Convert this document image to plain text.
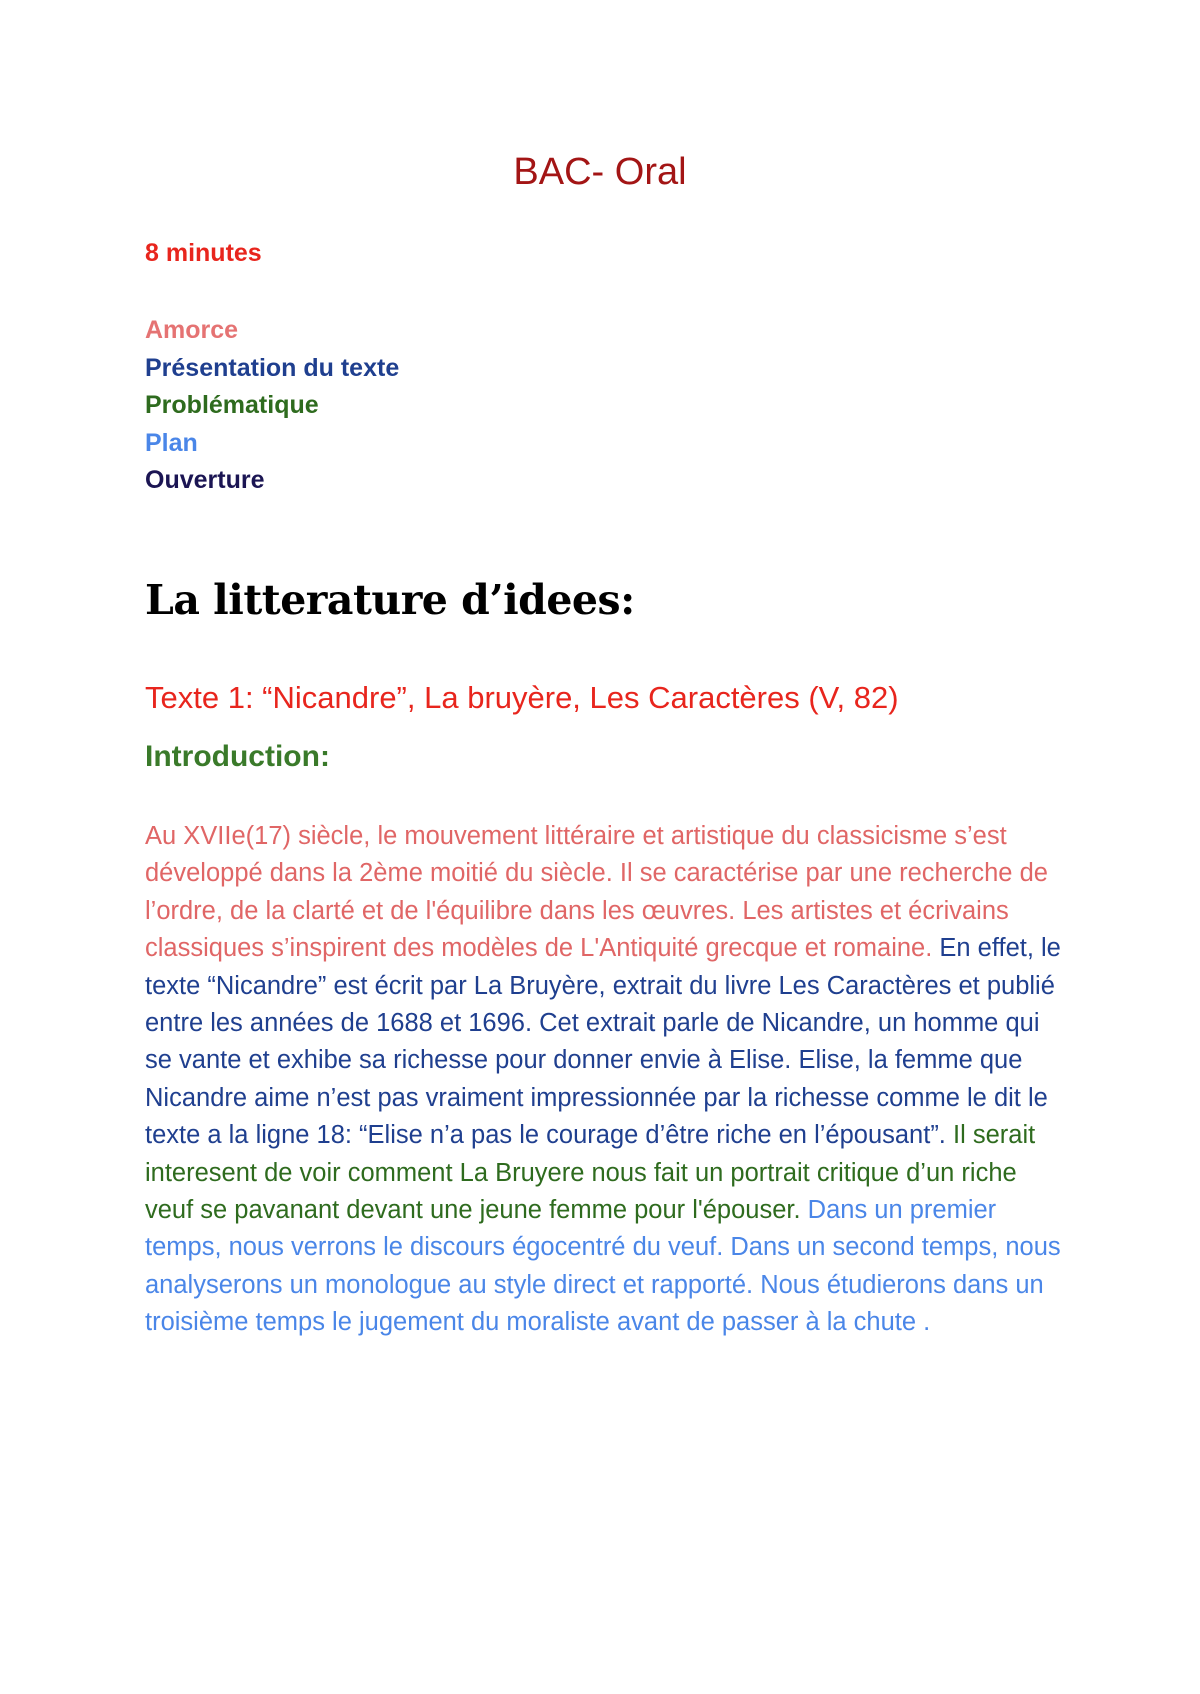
BAC- Oral
8 minutes
Amorce
Présentation du texte
Problématique
Plan
Ouverture
La litterature d’idees:
Texte 1: “Nicandre”, La bruyère, Les Caractères (V, 82)
Introduction:
Au XVIIe(17) siècle, le mouvement littéraire et artistique du classicisme s’est développé dans la 2ème moitié du siècle. Il se caractérise par une recherche de l’ordre, de la clarté et de l'équilibre dans les œuvres. Les artistes et écrivains classiques s’inspirent des modèles de L'Antiquité grecque et romaine. En effet, le texte “Nicandre” est écrit par La Bruyère, extrait du livre Les Caractères et publié entre les années de 1688 et 1696. Cet extrait parle de Nicandre, un homme qui se vante et exhibe sa richesse pour donner envie à Elise. Elise, la femme que Nicandre aime n’est pas vraiment impressionnée par la richesse comme le dit le texte a la ligne 18: “Elise n’a pas le courage d’être riche en l’épousant”. Il serait interesent de voir comment La Bruyere nous fait un portrait critique d’un riche veuf se pavanant devant une jeune femme pour l'épouser. Dans un premier temps, nous verrons le discours égocentré du veuf. Dans un second temps, nous analyserons un monologue au style direct et rapporté. Nous étudierons dans un troisième temps le jugement du moraliste avant de passer à la chute .
